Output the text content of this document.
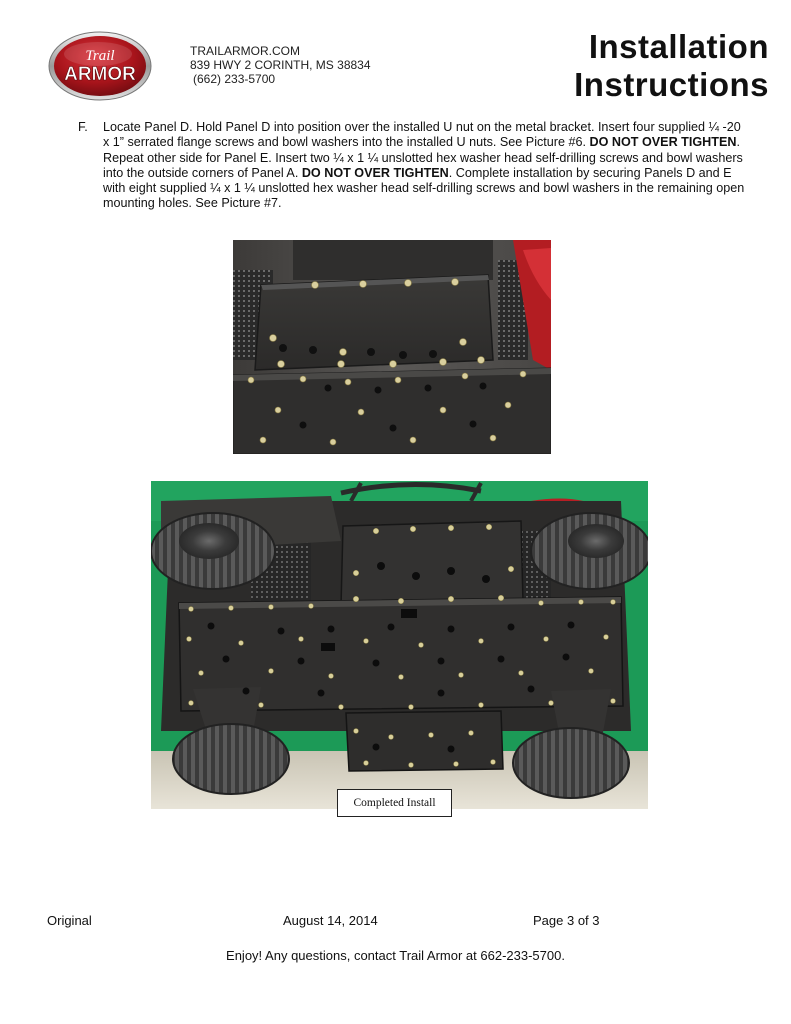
Trail
ARMOR
TRAILARMOR.COM
839 HWY 2 CORINTH, MS 38834
(662) 233-5700
Installation
Instructions
F. Locate Panel D. Hold Panel D into position over the installed U nut on the metal bracket. Insert four supplied ¼ -20 x 1” serrated flange screws and bowl washers into the installed U nuts. See Picture #6. DO NOT OVER TIGHTEN. Repeat other side for Panel E. Insert two ¼ x 1 ¼ unslotted hex washer head self-drilling screws and bowl washers into the outside corners of Panel A. DO NOT OVER TIGHTEN. Complete installation by securing Panels D and E with eight supplied ¼ x 1 ¼ unslotted hex washer head self-drilling screws and bowl washers in the remaining open mounting holes. See Picture #7.

Completed Install
Original	August 14, 2014	Page 3 of 3
Enjoy! Any questions, contact Trail Armor at 662-233-5700.
